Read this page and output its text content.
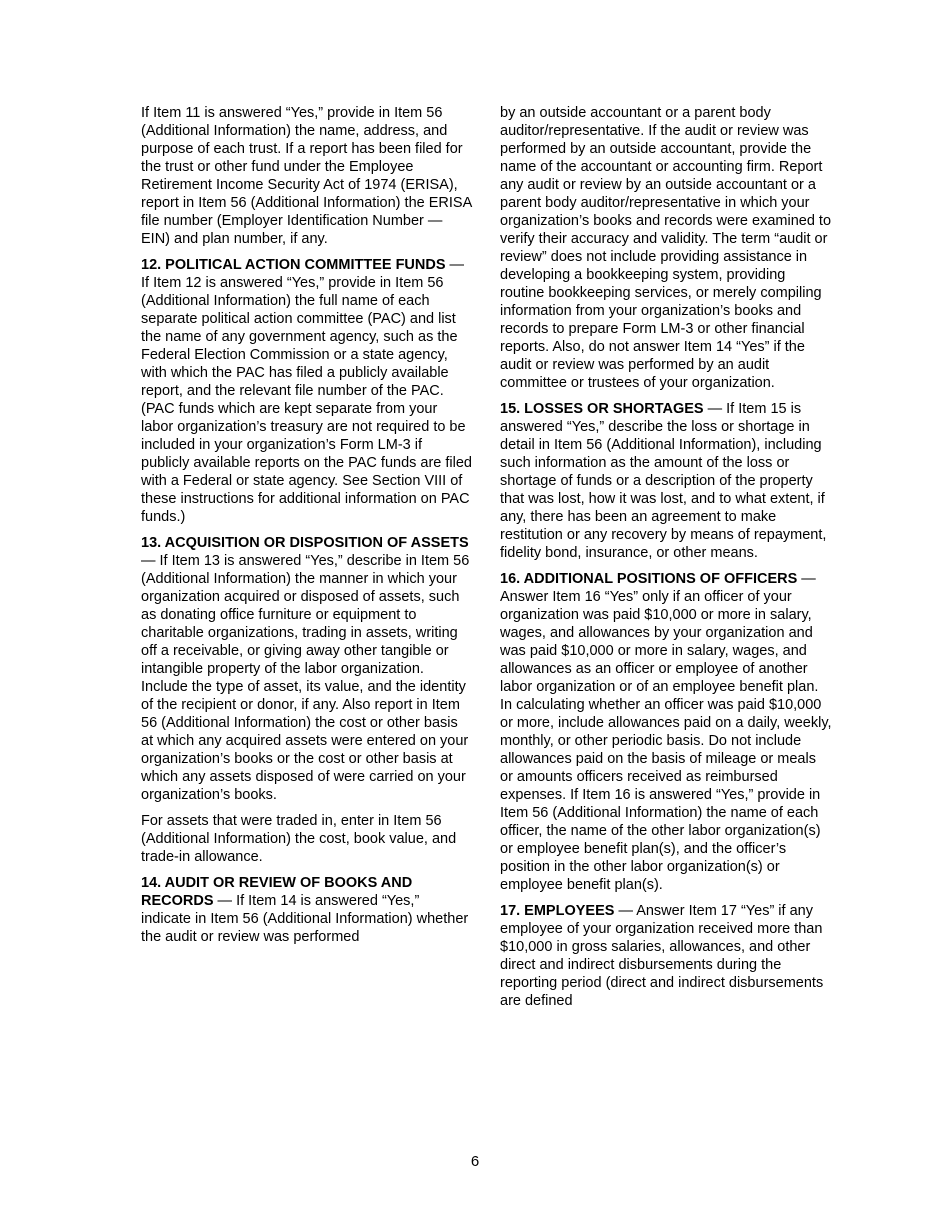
If Item 11 is answered “Yes,” provide in Item 56 (Additional Information) the name, address, and purpose of each trust. If a report has been filed for the trust or other fund under the Employee Retirement Income Security Act of 1974 (ERISA), report in Item 56 (Additional Information) the ERISA file number (Employer Identification Number — EIN) and plan number, if any.

12. POLITICAL ACTION COMMITTEE FUNDS — If Item 12 is answered “Yes,” provide in Item 56 (Additional Information) the full name of each separate political action committee (PAC) and list the name of any government agency, such as the Federal Election Commission or a state agency, with which the PAC has filed a publicly available report, and the relevant file number of the PAC. (PAC funds which are kept separate from your labor organization’s treasury are not required to be included in your organization’s Form LM-3 if publicly available reports on the PAC funds are filed with a Federal or state agency. See Section VIII of these instructions for additional information on PAC funds.)

13. ACQUISITION OR DISPOSITION OF ASSETS — If Item 13 is answered “Yes,” describe in Item 56 (Additional Information) the manner in which your organization acquired or disposed of assets, such as donating office furniture or equipment to charitable organizations, trading in assets, writing off a receivable, or giving away other tangible or intangible property of the labor organization. Include the type of asset, its value, and the identity of the recipient or donor, if any. Also report in Item 56 (Additional Information) the cost or other basis at which any acquired assets were entered on your organization’s books or the cost or other basis at which any assets disposed of were carried on your organization’s books.

For assets that were traded in, enter in Item 56 (Additional Information) the cost, book value, and trade-in allowance.

14. AUDIT OR REVIEW OF BOOKS AND RECORDS — If Item 14 is answered “Yes,” indicate in Item 56 (Additional Information) whether the audit or review was performed

by an outside accountant or a parent body auditor/representative. If the audit or review was performed by an outside accountant, provide the name of the accountant or accounting firm. Report any audit or review by an outside accountant or a parent body auditor/representative in which your organization’s books and records were examined to verify their accuracy and validity. The term “audit or review” does not include providing assistance in developing a bookkeeping system, providing routine bookkeeping services, or merely compiling information from your organization’s books and records to prepare Form LM-3 or other financial reports. Also, do not answer Item 14 “Yes” if the audit or review was performed by an audit committee or trustees of your organization.

15. LOSSES OR SHORTAGES — If Item 15 is answered “Yes,” describe the loss or shortage in detail in Item 56 (Additional Information), including such information as the amount of the loss or shortage of funds or a description of the property that was lost, how it was lost, and to what extent, if any, there has been an agreement to make restitution or any recovery by means of repayment, fidelity bond, insurance, or other means.

16. ADDITIONAL POSITIONS OF OFFICERS — Answer Item 16 “Yes” only if an officer of your organization was paid $10,000 or more in salary, wages, and allowances by your organization and was paid $10,000 or more in salary, wages, and allowances as an officer or employee of another labor organization or of an employee benefit plan. In calculating whether an officer was paid $10,000 or more, include allowances paid on a daily, weekly, monthly, or other periodic basis. Do not include allowances paid on the basis of mileage or meals or amounts officers received as reimbursed expenses. If Item 16 is answered “Yes,” provide in Item 56 (Additional Information) the name of each officer, the name of the other labor organization(s) or employee benefit plan(s), and the officer’s position in the other labor organization(s) or employee benefit plan(s).

17. EMPLOYEES — Answer Item 17 “Yes” if any employee of your organization received more than $10,000 in gross salaries, allowances, and other direct and indirect disbursements during the reporting period (direct and indirect disbursements are defined

6
